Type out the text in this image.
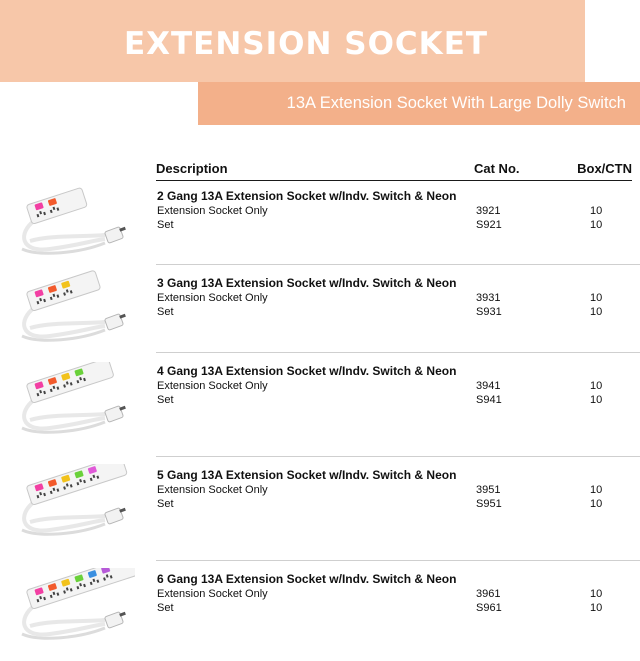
EXTENSION SOCKET
13A Extension Socket With Large Dolly Switch
Description	Cat No.	Box/CTN
2 Gang 13A Extension Socket w/Indv. Switch & Neon
Extension Socket Only	3921	10
Set	S921	10
3 Gang 13A Extension Socket w/Indv. Switch & Neon
Extension Socket Only	3931	10
Set	S931	10
4 Gang 13A Extension Socket w/Indv. Switch & Neon
Extension Socket Only	3941	10
Set	S941	10
5 Gang 13A Extension Socket w/Indv. Switch & Neon
Extension Socket Only	3951	10
Set	S951	10
6 Gang 13A Extension Socket w/Indv. Switch & Neon
Extension Socket Only	3961	10
Set	S961	10
